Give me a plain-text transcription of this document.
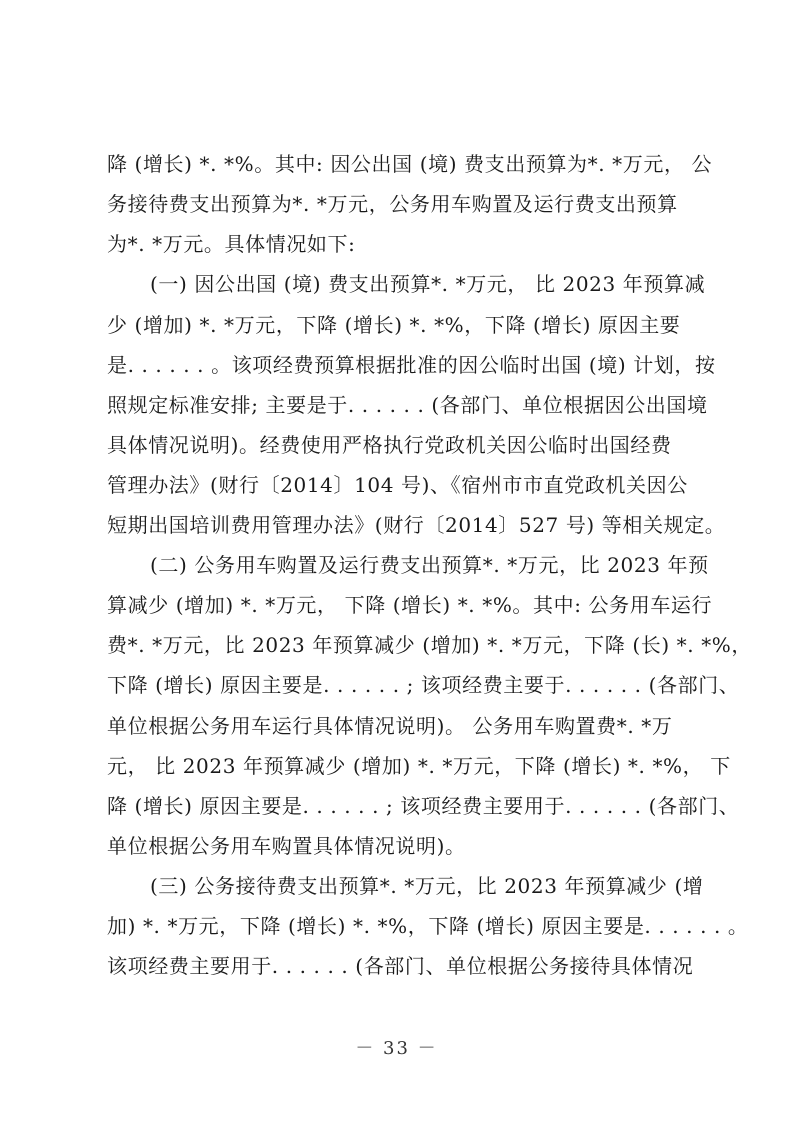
降 (增长) *. *%。其中: 因公出国 (境) 费支出预算为*. *万元， 公
务接待费支出预算为*. *万元，公务用车购置及运行费支出预算
为*. *万元。具体情况如下:
(一) 因公出国 (境) 费支出预算*. *万元， 比 2023 年预算减
少 (增加) *. *万元，下降 (增长) *. *%，下降 (增长) 原因主要
是. . . . . . 。该项经费预算根据批准的因公临时出国 (境) 计划，按
照规定标准安排; 主要是于. . . . . . (各部门、单位根据因公出国境
具体情况说明)。经费使用严格执行党政机关因公临时出国经费
管理办法》(财行〔2014〕104 号)、《宿州市市直党政机关因公
短期出国培训费用管理办法》(财行〔2014〕527 号) 等相关规定。
(二) 公务用车购置及运行费支出预算*. *万元，比 2023 年预
算减少 (增加) *. *万元， 下降 (增长) *. *%。其中: 公务用车运行
费*. *万元，比 2023 年预算减少 (增加) *. *万元，下降 (长) *. *%，
下降 (增长) 原因主要是. . . . . . ; 该项经费主要于. . . . . . (各部门、
单位根据公务用车运行具体情况说明)。 公务用车购置费*. *万
元， 比 2023 年预算减少 (增加) *. *万元，下降 (增长) *. *%， 下
降 (增长) 原因主要是. . . . . . ; 该项经费主要用于. . . . . . (各部门、
单位根据公务用车购置具体情况说明)。
(三) 公务接待费支出预算*. *万元，比 2023 年预算减少 (增
加) *. *万元，下降 (增长) *. *%，下降 (增长) 原因主要是. . . . . . 。
该项经费主要用于. . . . . . (各部门、单位根据公务接待具体情况
－ 33 －
